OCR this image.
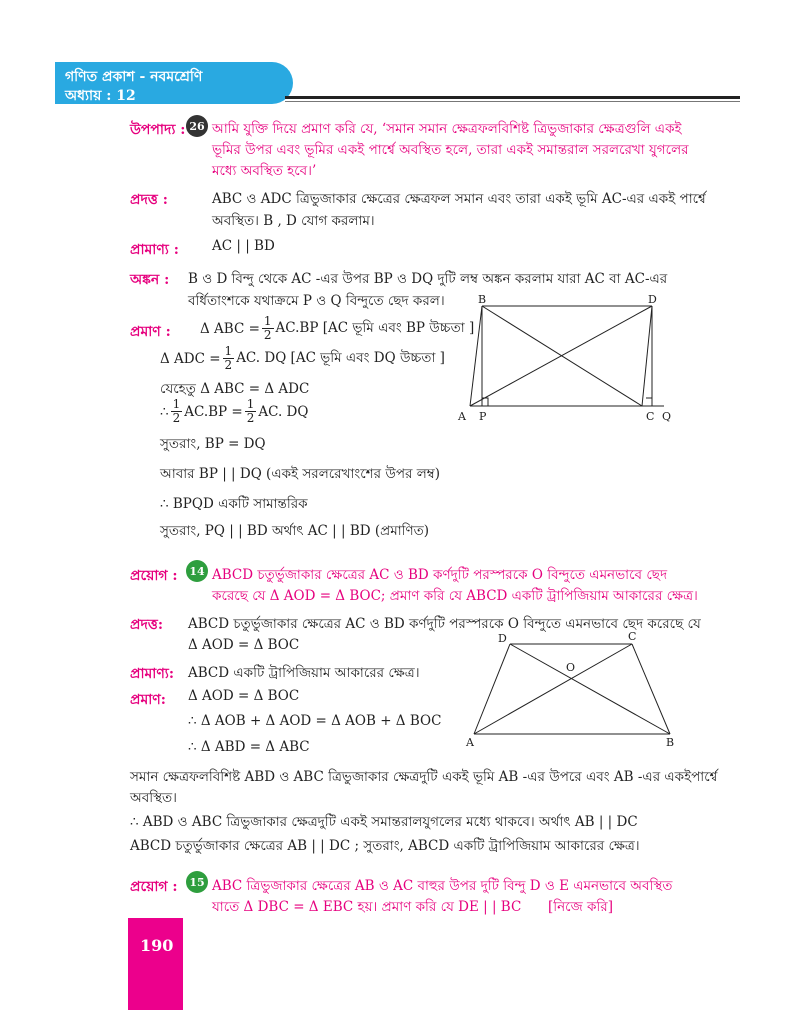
গণিত প্রকাশ - নবমশ্রেণি
অধ্যায় : 12
উপপাদ্য : 26 আমি যুক্তি দিয়ে প্রমাণ করি যে, ‘সমান সমান ক্ষেত্রফলবিশিষ্ট ত্রিভুজাকার ক্ষেত্রগুলি একই
ভূমির উপর এবং ভূমির একই পার্শ্বে অবস্থিত হলে, তারা একই সমান্তরাল সরলরেখা যুগলের
মধ্যে অবস্থিত হবে।’
প্রদত্ত :	ABC ও ADC ত্রিভুজাকার ক্ষেত্রের ক্ষেত্রফল সমান এবং তারা একই ভূমি AC-এর একই পার্শ্বে
অবস্থিত। B , D যোগ করলাম।
প্রামাণ্য : AC | | BD
অঙ্কন : B ও D বিন্দু থেকে AC -এর উপর BP ও DQ দুটি লম্ব অঙ্কন করলাম যারা AC বা AC-এর
বর্ধিতাংশকে যথাক্রমে P ও Q বিন্দুতে ছেদ করল।
প্রমাণ : Δ ABC = $\frac{1}{2} AC.BP$ [AC ভূমি এবং BP উচ্চতা ]
Δ ADC = $\frac{1}{2}$ AC. DQ [AC ভূমি এবং DQ উচ্চতা ]
যেহেতু Δ ABC = Δ ADC
∴ $\frac{1}{2} AC.BP = \frac{1}{2}$ AC. DQ
সুতরাং, BP = DQ
আবার BP | | DQ (একই সরলরেখাংশের উপর লম্ব)
∴ BPQD একটি সামান্তরিক
সুতরাং, PQ | | BD অর্থাৎ AC | | BD (প্রমাণিত)
B	D
A P	C Q
প্রয়োগ :	14 ABCD চতুর্ভুজাকার ক্ষেত্রের AC ও BD কর্ণদুটি পরস্পরকে O বিন্দুতে এমনভাবে ছেদ
করেছে যে Δ AOD = Δ BOC; প্রমাণ করি যে ABCD একটি ট্রাপিজিয়াম আকারের ক্ষেত্র।
প্রদত্ত: ABCD চতুর্ভুজাকার ক্ষেত্রের AC ও BD কর্ণদুটি পরস্পরকে O বিন্দুতে এমনভাবে ছেদ করেছে যে
Δ AOD = Δ BOC
প্রামাণ্য: ABCD একটি ট্রাপিজিয়াম আকারের ক্ষেত্র।
প্রমাণ: Δ AOD = Δ BOC
∴ Δ AOB + Δ AOD = Δ AOB + Δ BOC
∴ Δ ABD = Δ ABC
D	C
O
A	B
সমান ক্ষেত্রফলবিশিষ্ট ABD ও ABC ত্রিভুজাকার ক্ষেত্রদুটি একই ভূমি AB -এর উপরে এবং AB -এর একইপার্শ্বে
অবস্থিত।
∴ ABD ও ABC ত্রিভুজাকার ক্ষেত্রদুটি একই সমান্তরালযুগলের মধ্যে থাকবে। অর্থাৎ AB | | DC
ABCD চতুর্ভুজাকার ক্ষেত্রের AB | | DC ; সুতরাং, ABCD একটি ট্রাপিজিয়াম আকারের ক্ষেত্র।
প্রয়োগ :	15 ABC ত্রিভুজাকার ক্ষেত্রের AB ও AC বাহুর উপর দুটি বিন্দু D ও E এমনভাবে অবস্থিত
যাতে Δ DBC = Δ EBC হয়। প্রমাণ করি যে DE | | BC [নিজে করি]
190
